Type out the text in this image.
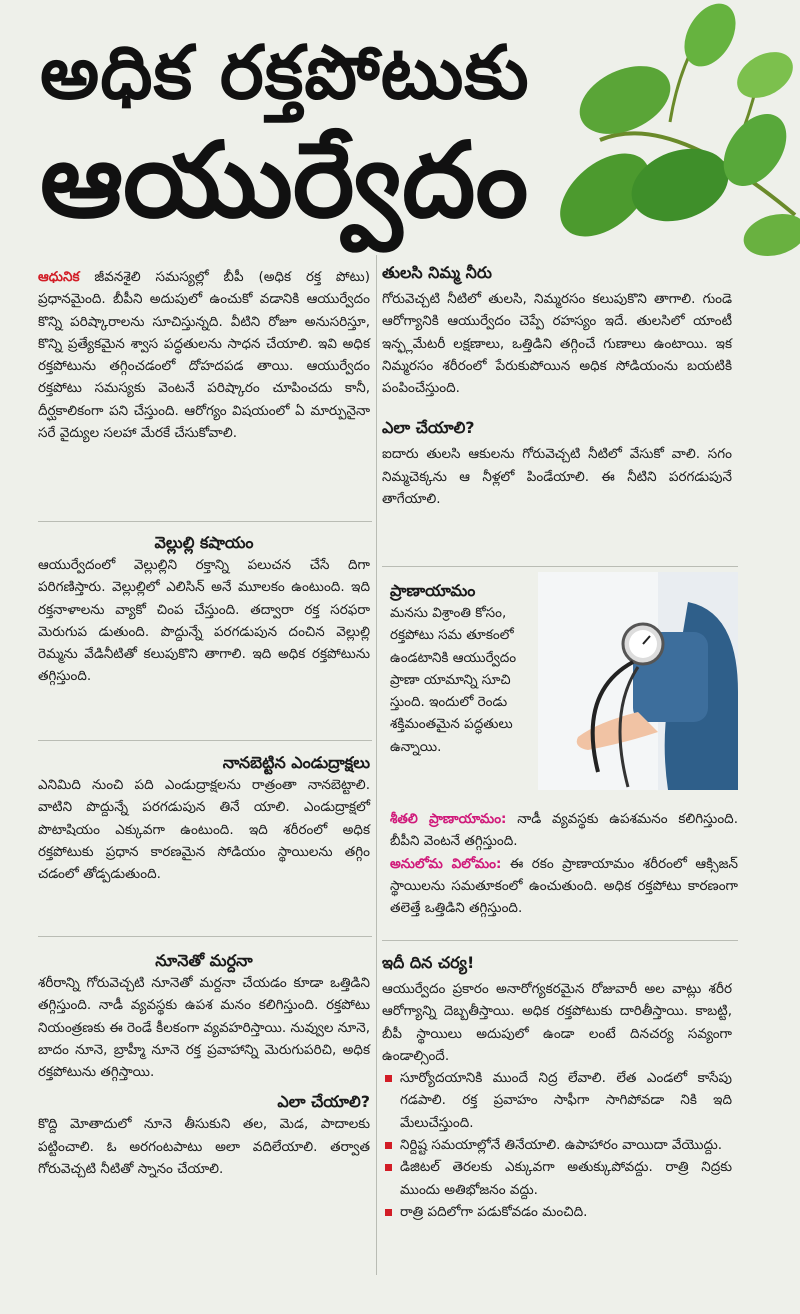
అధిక రక్తపోటుకు
ఆయుర్వేదం

ఆధునిక జీవనశైలి సమస్యల్లో బీపీ (అధిక రక్త పోటు) ప్రధానమైంది. బీపీని అదుపులో ఉంచుకో వడానికి ఆయుర్వేదం కొన్ని పరిష్కారాలను సూచిస్తున్నది. వీటిని రోజూ అనుసరిస్తూ, కొన్ని ప్రత్యేకమైన శ్వాస పద్ధతులను సాధన చేయాలి. ఇవి అధిక రక్తపోటును తగ్గించడంలో దోహదపడ తాయి. ఆయుర్వేదం రక్తపోటు సమస్యకు వెంటనే పరిష్కారం చూపించదు కానీ, దీర్ఘకాలికంగా పని చేస్తుంది. ఆరోగ్యం విషయంలో ఏ మార్పునైనా సరే వైద్యుల సలహా మేరకే చేసుకోవాలి.

వెల్లుల్లి కషాయం

ఆయుర్వేదంలో వెల్లుల్లిని రక్తాన్ని పలుచన చేసే దిగా పరిగణిస్తారు. వెల్లుల్లిలో ఎలిసిన్ అనే మూలకం ఉంటుంది. ఇది రక్తనాళాలను వ్యాకో చింప చేస్తుంది. తద్వారా రక్త సరఫరా మెరుగుప డుతుంది. పొద్దున్నే పరగడుపున దంచిన వెల్లుల్లి రెమ్మను వేడినీటితో కలుపుకొని తాగాలి. ఇది అధిక రక్తపోటును తగ్గిస్తుంది.

నానబెట్టిన ఎండుద్రాక్షలు

ఎనిమిది నుంచి పది ఎండుద్రాక్షలను రాత్రంతా నానబెట్టాలి. వాటిని పొద్దున్నే పరగడుపున తినే యాలి. ఎండుద్రాక్షలో పొటాషియం ఎక్కువగా ఉంటుంది. ఇది శరీరంలో అధిక రక్తపోటుకు ప్రధాన కారణమైన సోడియం స్థాయిలను తగ్గిం చడంలో తోడ్పడుతుంది.

నూనెతో మర్దనా

శరీరాన్ని గోరువెచ్చటి నూనెతో మర్దనా చేయడం కూడా ఒత్తిడిని తగ్గిస్తుంది. నాడీ వ్యవస్థకు ఉపశ మనం కలిగిస్తుంది. రక్తపోటు నియంత్రణకు ఈ రెండే కీలకంగా వ్యవహరిస్తాయి. నువ్వుల నూనె, బాదం నూనె, బ్రాహ్మీ నూనె రక్త ప్రవాహాన్ని మెరుగుపరిచి, అధిక రక్తపోటును తగ్గిస్తాయి.

ఎలా చేయాలి?

కొద్ది మోతాదులో నూనె తీసుకుని తల, మెడ, పాదాలకు పట్టించాలి. ఓ అరగంటపాటు అలా వదిలేయాలి. తర్వాత గోరువెచ్చటి నీటితో స్నానం చేయాలి.

తులసి నిమ్మ నీరు

గోరువెచ్చటి నీటిలో తులసి, నిమ్మరసం కలుపుకొని తాగాలి. గుండె ఆరోగ్యానికి ఆయుర్వేదం చెప్పే రహస్యం ఇదే. తులసిలో యాంటీ ఇన్ఫ్లమేటరీ లక్షణాలు, ఒత్తిడిని తగ్గించే గుణాలు ఉంటాయి. ఇక నిమ్మరసం శరీరంలో పేరుకుపోయిన అధిక సోడియంను బయటికి పంపించేస్తుంది.

ఎలా చేయాలి?

ఐదారు తులసి ఆకులను గోరువెచ్చటి నీటిలో వేసుకో వాలి. సగం నిమ్మచెక్కను ఆ నీళ్లలో పిండేయాలి. ఈ నీటిని పరగడుపునే తాగేయాలి.

ప్రాణాయామం

మనసు విశ్రాంతి కోసం, రక్తపోటు సమ తూకంలో ఉండటానికి ఆయుర్వేదం ప్రాణా యామాన్ని సూచి స్తుంది. ఇందులో రెండు శక్తిమంతమైన పద్ధతులు ఉన్నాయి.

శీతలి ప్రాణాయామం: నాడీ వ్యవస్థకు ఉపశమనం కలిగిస్తుంది. బీపీని వెంటనే తగ్గిస్తుంది.

అనులోమ విలోమం: ఈ రకం ప్రాణాయామం శరీరంలో ఆక్సిజన్ స్థాయిలను సమతూకంలో ఉంచుతుంది. అధిక రక్తపోటు కారణంగా తలెత్తే ఒత్తిడిని తగ్గిస్తుంది.

ఇదీ దిన చర్య!

ఆయుర్వేదం ప్రకారం అనారోగ్యకరమైన రోజువారీ అల వాట్లు శరీర ఆరోగ్యాన్ని దెబ్బతీస్తాయి. అధిక రక్తపోటుకు దారితీస్తాయి. కాబట్టి, బీపీ స్థాయిలు అదుపులో ఉండా లంటే దినచర్య సవ్యంగా ఉండాల్సిందే.

సూర్యోదయానికి ముందే నిద్ర లేవాలి. లేత ఎండలో కాసేపు గడపాలి. రక్త ప్రవాహం సాఫీగా సాగిపోవడా నికి ఇది మేలుచేస్తుంది.
నిర్దిష్ట సమయాల్లోనే తినేయాలి. ఉపాహారం వాయిదా వేయొద్దు.
డిజిటల్ తెరలకు ఎక్కువగా అతుక్కుపోవద్దు. రాత్రి నిద్రకు ముందు అతిభోజనం వద్దు.
రాత్రి పదిలోగా పడుకోవడం మంచిది.
